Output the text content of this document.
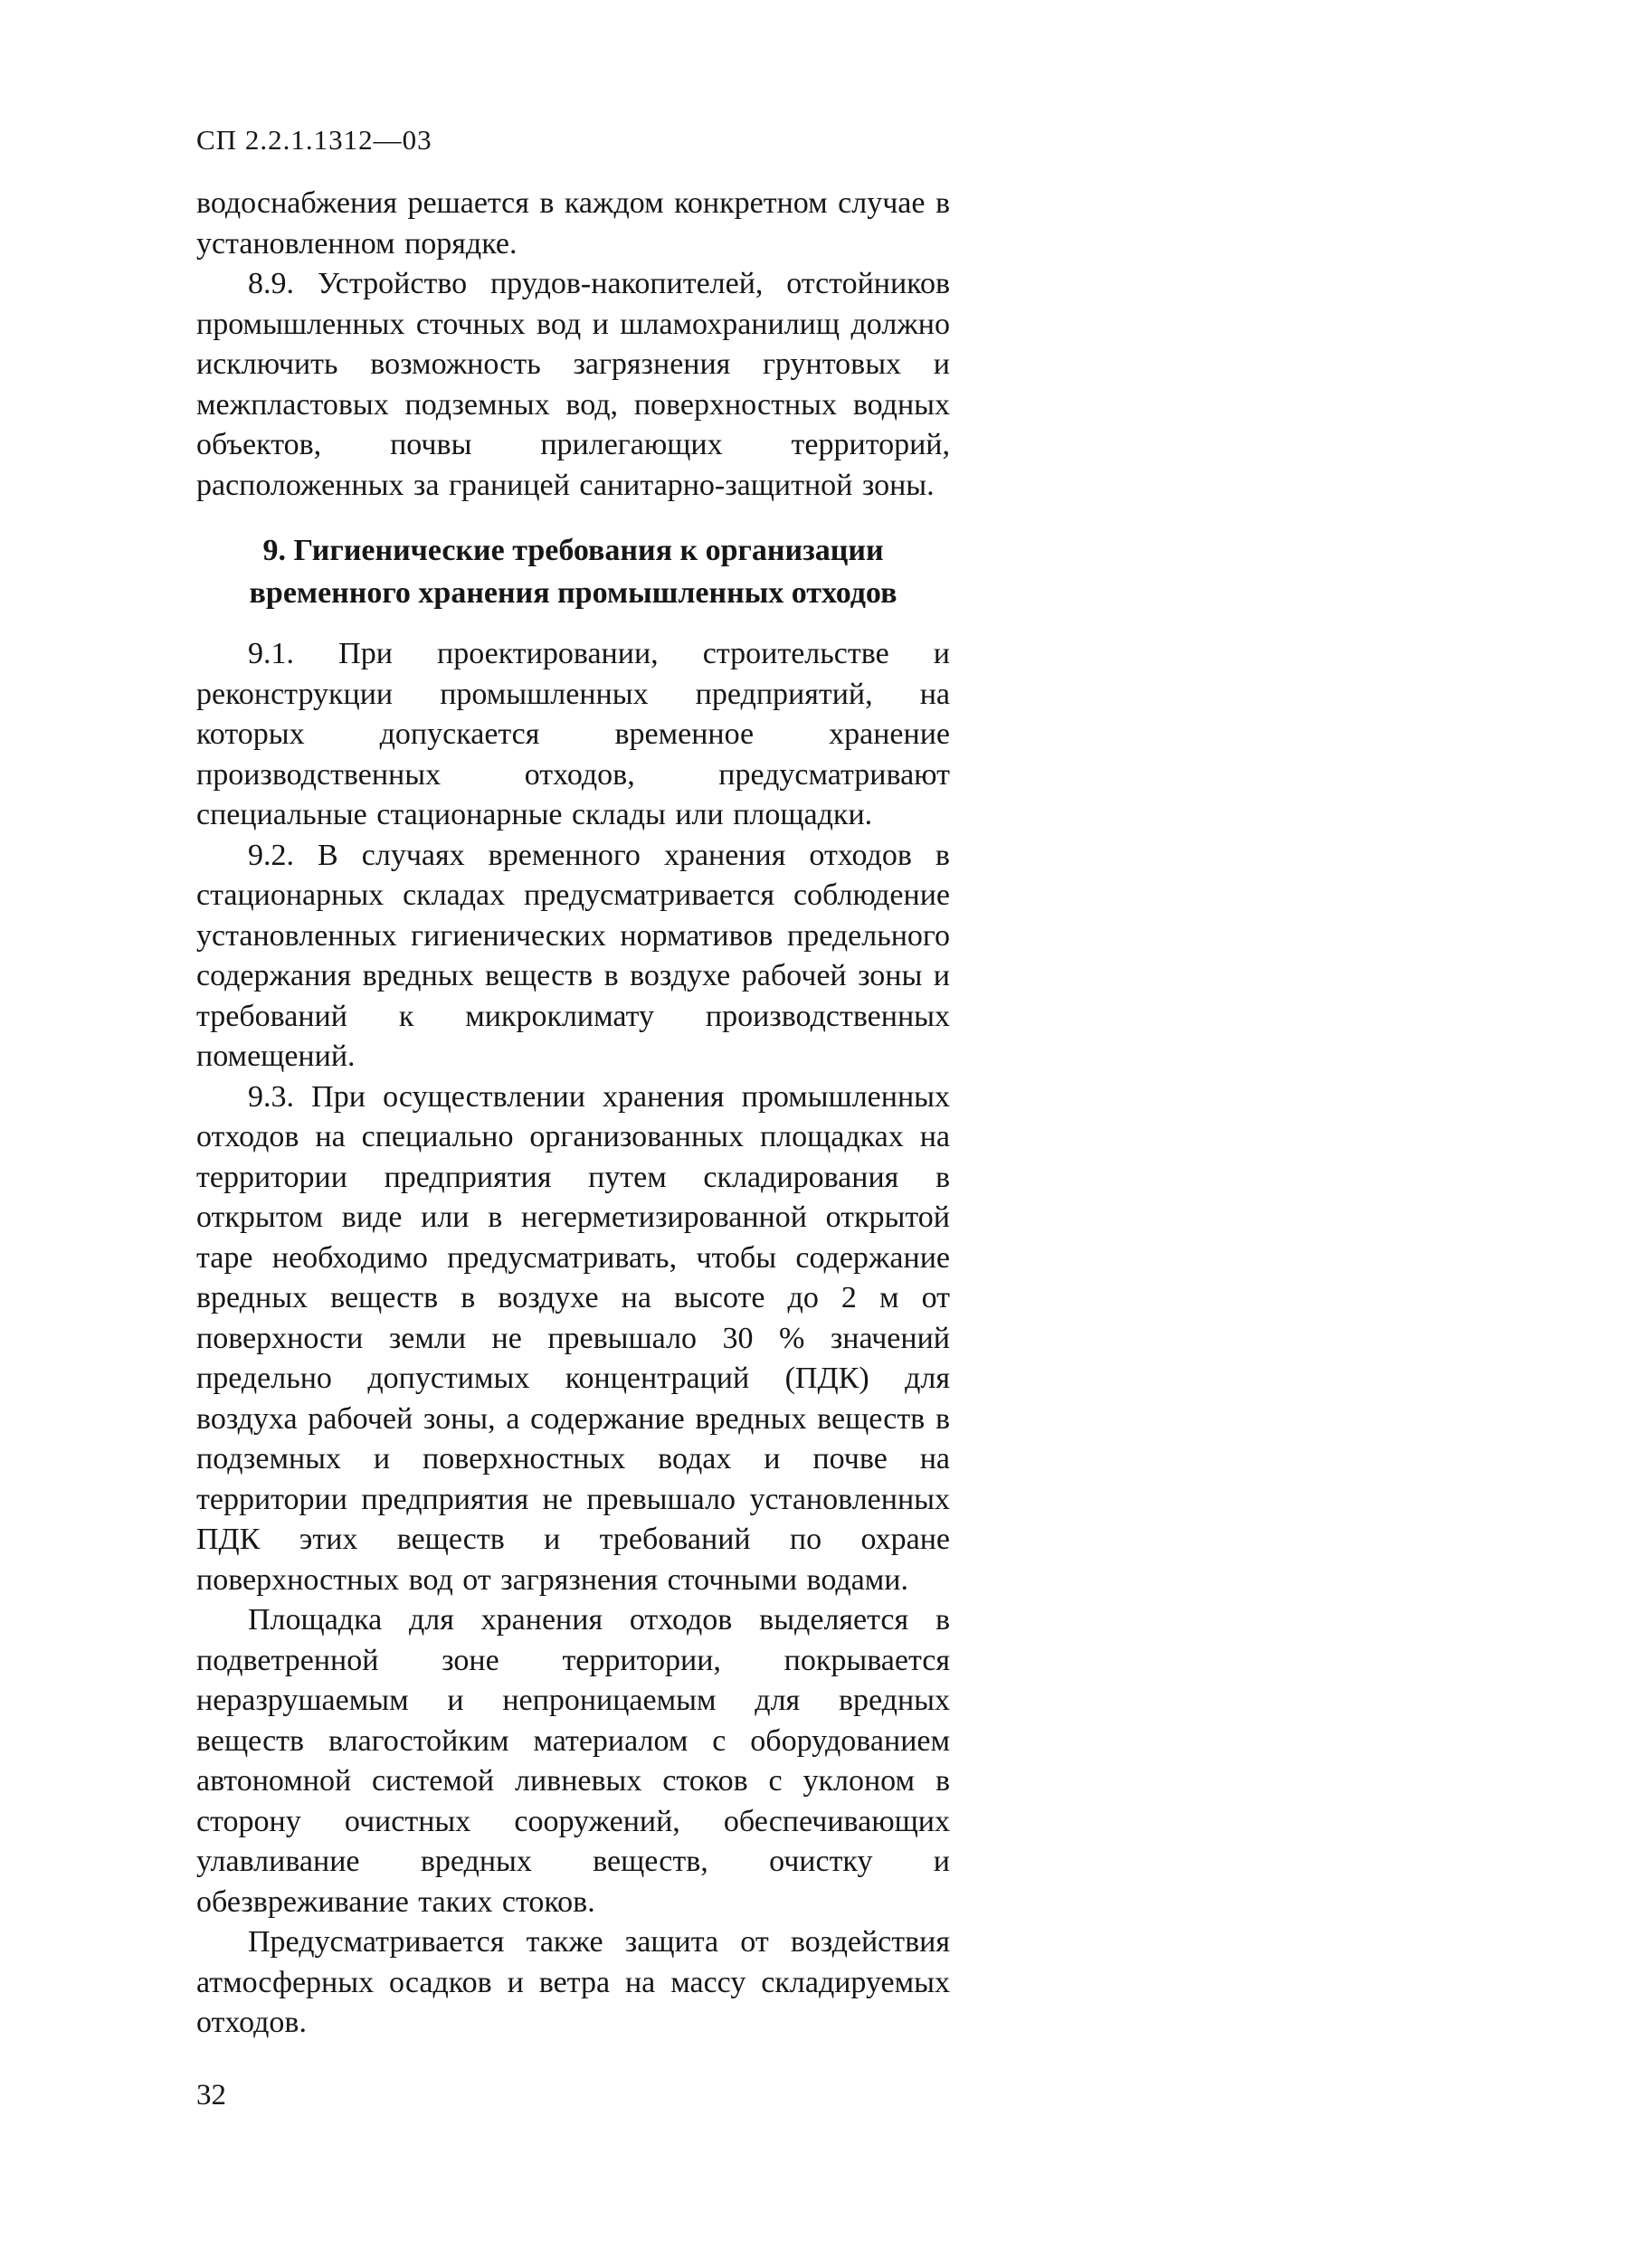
СП 2.2.1.1312—03

водоснабжения решается в каждом конкретном случае в установленном порядке.

8.9. Устройство прудов-накопителей, отстойников промышленных сточных вод и шламохранилищ должно исключить возможность загрязнения грунтовых и межпластовых подземных вод, поверхностных водных объектов, почвы прилегающих территорий, расположенных за границей санитарно-защитной зоны.

9. Гигиенические требования к организации
временного хранения промышленных отходов

9.1. При проектировании, строительстве и реконструкции промышленных предприятий, на которых допускается временное хранение производственных отходов, предусматривают специальные стационарные склады или площадки.

9.2. В случаях временного хранения отходов в стационарных складах предусматривается соблюдение установленных гигиенических нормативов предельного содержания вредных веществ в воздухе рабочей зоны и требований к микроклимату производственных помещений.

9.3. При осуществлении хранения промышленных отходов на специально организованных площадках на территории предприятия путем складирования в открытом виде или в негерметизированной открытой таре необходимо предусматривать, чтобы содержание вредных веществ в воздухе на высоте до 2 м от поверхности земли не превышало 30 % значений предельно допустимых концентраций (ПДК) для воздуха рабочей зоны, а содержание вредных веществ в подземных и поверхностных водах и почве на территории предприятия не превышало установленных ПДК этих веществ и требований по охране поверхностных вод от загрязнения сточными водами.

Площадка для хранения отходов выделяется в подветренной зоне территории, покрывается неразрушаемым и непроницаемым для вредных веществ влагостойким материалом с оборудованием автономной системой ливневых стоков с уклоном в сторону очистных сооружений, обеспечивающих улавливание вредных веществ, очистку и обезвреживание таких стоков.

Предусматривается также защита от воздействия атмосферных осадков и ветра на массу складируемых отходов.

32
